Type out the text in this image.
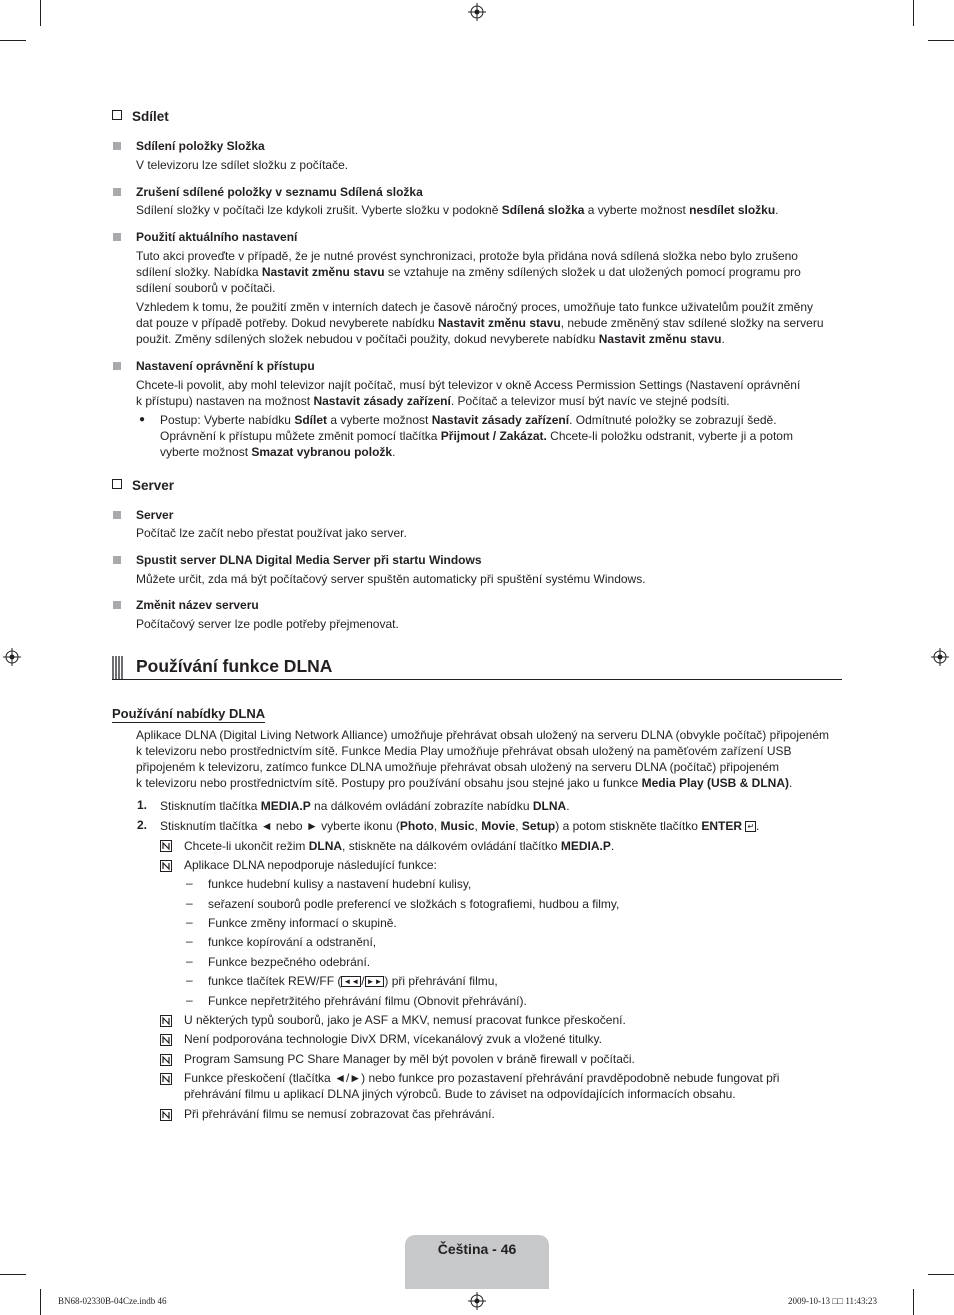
Sdílet
Sdílení položky Složka
V televizoru lze sdílet složku z počítače.
Zrušení sdílené položky v seznamu Sdílená složka
Sdílení složky v počítači lze kdykoli zrušit. Vyberte složku v podokně Sdílená složka a vyberte možnost nesdílet složku.
Použití aktuálního nastavení
Tuto akci proveďte v případě, že je nutné provést synchronizaci, protože byla přidána nová sdílená složka nebo bylo zrušeno
sdílení složky. Nabídka Nastavit změnu stavu se vztahuje na změny sdílených složek u dat uložených pomocí programu pro
sdílení souborů v počítači.
Vzhledem k tomu, že použití změn v interních datech je časově náročný proces, umožňuje tato funkce uživatelům použít změny
dat pouze v případě potřeby. Dokud nevyberete nabídku Nastavit změnu stavu, nebude změněný stav sdílené složky na serveru
použit. Změny sdílených složek nebudou v počítači použity, dokud nevyberete nabídku Nastavit změnu stavu.
Nastavení oprávnění k přístupu
Chcete-li povolit, aby mohl televizor najít počítač, musí být televizor v okně Access Permission Settings (Nastavení oprávnění
k přístupu) nastaven na možnost Nastavit zásady zařízení. Počítač a televizor musí být navíc ve stejné podsíti.
● Postup: Vyberte nabídku Sdílet a vyberte možnost Nastavit zásady zařízení. Odmítnuté položky se zobrazují šedě.
Oprávnění k přístupu můžete změnit pomocí tlačítka Přijmout / Zakázat. Chcete-li položku odstranit, vyberte ji a potom
vyberte možnost Smazat vybranou položk.
Server
Server
Počítač lze začít nebo přestat používat jako server.
Spustit server DLNA Digital Media Server při startu Windows
Můžete určit, zda má být počítačový server spuštěn automaticky při spuštění systému Windows.
Změnit název serveru
Počítačový server lze podle potřeby přejmenovat.
Používání funkce DLNA
Používání nabídky DLNA
Aplikace DLNA (Digital Living Network Alliance) umožňuje přehrávat obsah uložený na serveru DLNA (obvykle počítač) připojeném
k televizoru nebo prostřednictvím sítě. Funkce Media Play umožňuje přehrávat obsah uložený na paměťovém zařízení USB
připojeném k televizoru, zatímco funkce DLNA umožňuje přehrávat obsah uložený na serveru DLNA (počítač) připojeném
k televizoru nebo prostřednictvím sítě. Postupy pro používání obsahu jsou stejné jako u funkce Media Play (USB & DLNA).
1. Stisknutím tlačítka MEDIA.P na dálkovém ovládání zobrazíte nabídku DLNA.
2. Stisknutím tlačítka ◄ nebo ► vyberte ikonu (Photo, Music, Movie, Setup) a potom stiskněte tlačítko ENTER ↵ .
Chcete-li ukončit režim DLNA, stiskněte na dálkovém ovládání tlačítko MEDIA.P.
Aplikace DLNA nepodporuje následující funkce:
– funkce hudební kulisy a nastavení hudební kulisy,
– seřazení souborů podle preferencí ve složkách s fotografiemi, hudbou a filmy,
– Funkce změny informací o skupině.
– funkce kopírování a odstranění,
– Funkce bezpečného odebrání.
– funkce tlačítek REW/FF ( ◄◄ / ►► ) při přehrávání filmu,
– Funkce nepřetržitého přehrávání filmu (Obnovit přehrávání).
U některých typů souborů, jako je ASF a MKV, nemusí pracovat funkce přeskočení.
Není podporována technologie DivX DRM, vícekanálový zvuk a vložené titulky.
Program Samsung PC Share Manager by měl být povolen v bráně firewall v počítači.
Funkce přeskočení (tlačítka ◄/►) nebo funkce pro pozastavení přehrávání pravděpodobně nebude fungovat při
přehrávání filmu u aplikací DLNA jiných výrobců. Bude to záviset na odpovídajících informacích obsahu.
Při přehrávání filmu se nemusí zobrazovat čas přehrávání.
Čeština - 46
BN68-02330B-04Cze.indb 46	2009-10-13 □□ 11:43:23
